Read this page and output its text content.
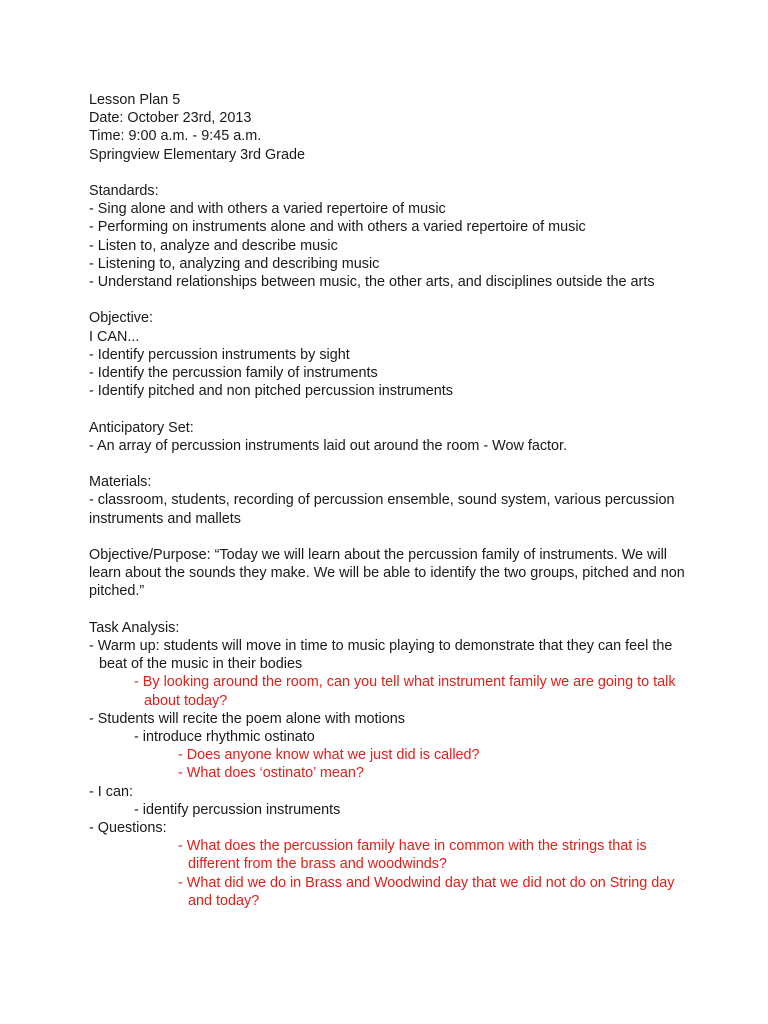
Lesson Plan 5
Date: October 23rd, 2013
Time: 9:00 a.m. - 9:45 a.m.
Springview Elementary 3rd Grade
Standards:
- Sing alone and with others a varied repertoire of music
- Performing on instruments alone and with others a varied repertoire of music
- Listen to, analyze and describe music
- Listening to, analyzing and describing music
- Understand relationships between music, the other arts, and disciplines outside the arts
Objective:
I CAN...
- Identify percussion instruments by sight
- Identify the percussion family of instruments
- Identify pitched and non pitched percussion instruments
Anticipatory Set:
- An array of percussion instruments laid out around the room - Wow factor.
Materials:
- classroom, students, recording of percussion ensemble, sound system, various percussion instruments and mallets
Objective/Purpose: “Today we will learn about the percussion family of instruments. We will learn about the sounds they make. We will be able to identify the two groups, pitched and non pitched.”
Task Analysis:
- Warm up: students will move in time to music playing to demonstrate that they can feel the beat of the music in their bodies
- By looking around the room, can you tell what instrument family we are going to talk about today?
- Students will recite the poem alone with motions
- introduce rhythmic ostinato
- Does anyone know what we just did is called?
- What does ‘ostinato’ mean?
- I can:
- identify percussion instruments
- Questions:
- What does the percussion family have in common with the strings that is different from the brass and woodwinds?
- What did we do in Brass and Woodwind day that we did not do on String day and today?
